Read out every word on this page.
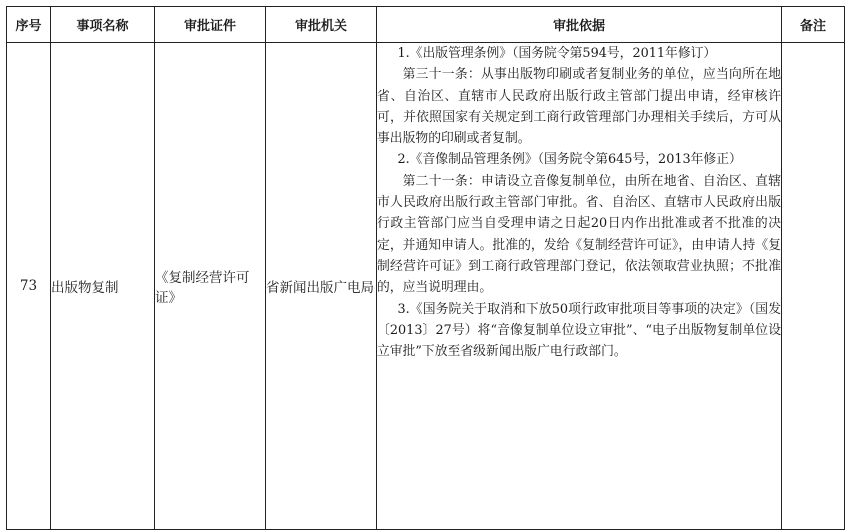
序号	事项名称	审批证件	审批机关	审批依据	备注
73	出版物复制	《复制经营许可证》	省新闻出版广电局	1.《出版管理条例》（国务院令第594号，2011年修订）

第三十一条：从事出版物印刷或者复制业务的单位，应当向所在地省、自治区、直辖市人民政府出版行政主管部门提出申请，经审核许可，并依照国家有关规定到工商行政管理部门办理相关手续后，方可从事出版物的印刷或者复制。

2.《音像制品管理条例》（国务院令第645号，2013年修正）

第二十一条：申请设立音像复制单位，由所在地省、自治区、直辖市人民政府出版行政主管部门审批。省、自治区、直辖市人民政府出版行政主管部门应当自受理申请之日起20日内作出批准或者不批准的决定，并通知申请人。批准的，发给《复制经营许可证》，由申请人持《复制经营许可证》到工商行政管理部门登记，依法领取营业执照；不批准的，应当说明理由。

3.《国务院关于取消和下放50项行政审批项目等事项的决定》（国发〔2013〕27号）将“音像复制单位设立审批”、“电子出版物复制单位设立审批”下放至省级新闻出版广电行政部门。	
